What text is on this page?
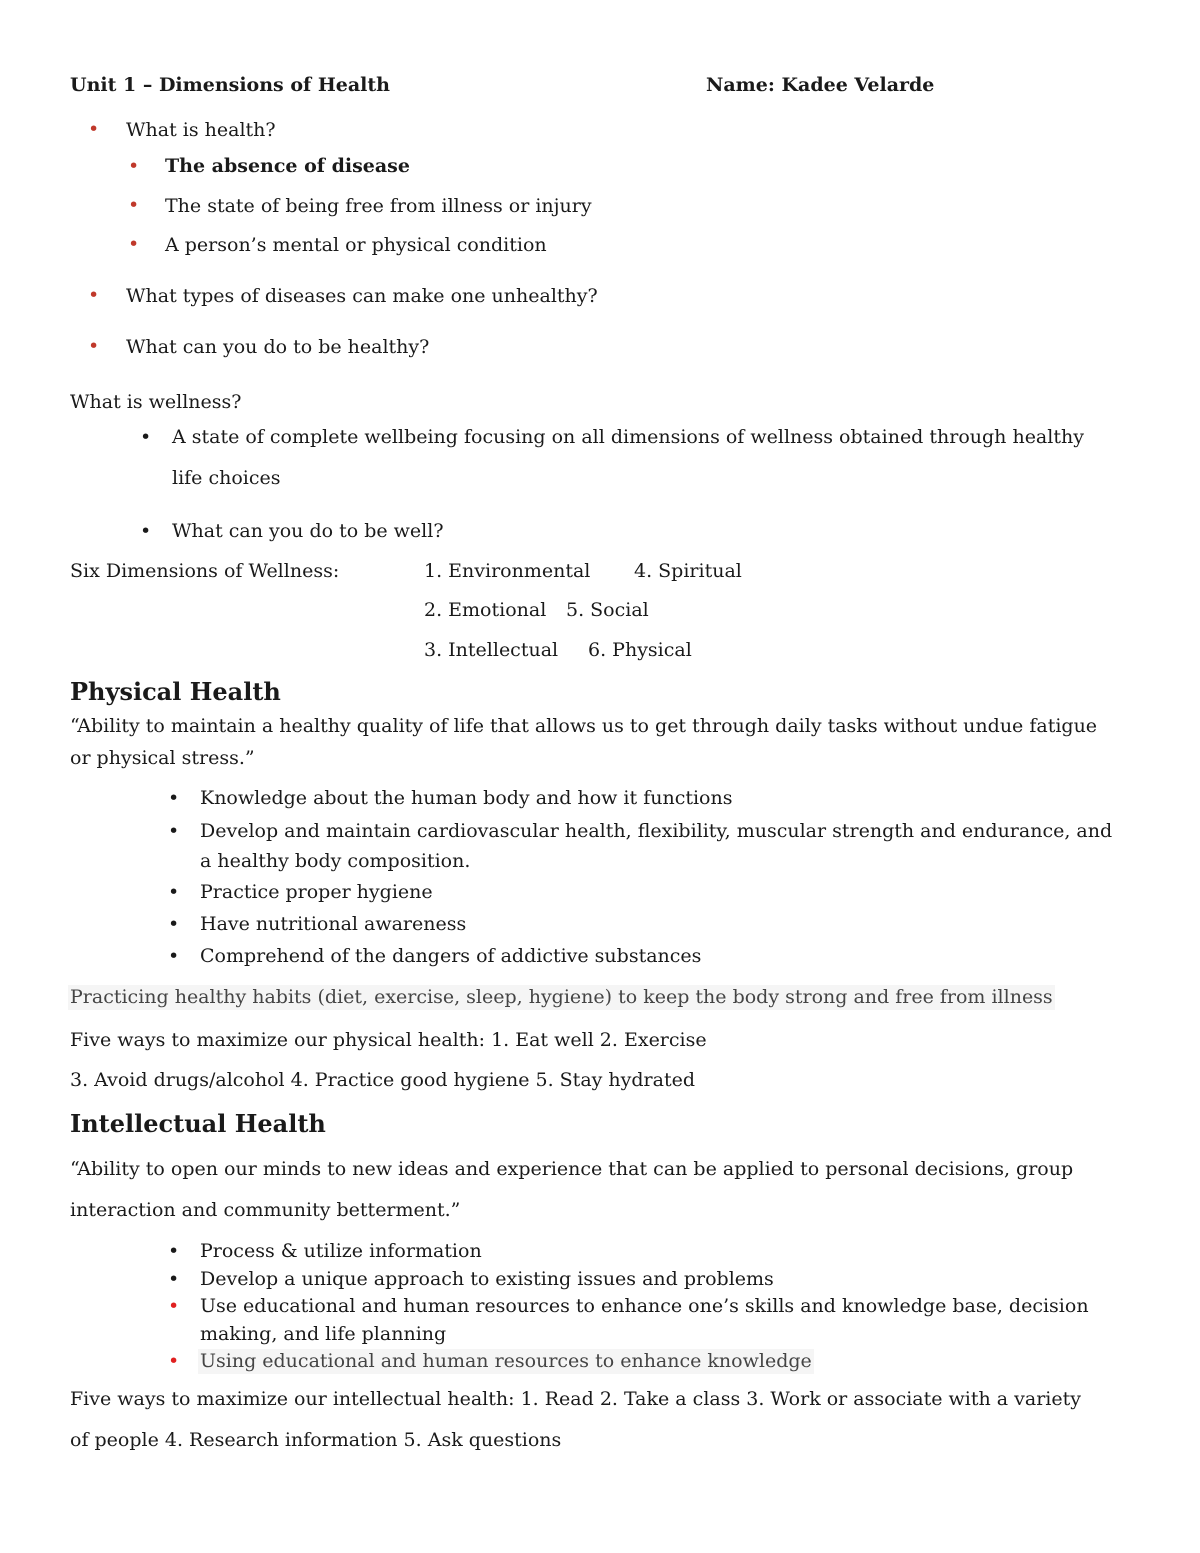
Unit 1 – Dimensions of Health	Name: Kadee Velarde
• What is health?
• The absence of disease
• The state of being free from illness or injury
• A person’s mental or physical condition
• What types of diseases can make one unhealthy?
• What can you do to be healthy?
What is wellness?
• A state of complete wellbeing focusing on all dimensions of wellness obtained through healthy
life choices
• What can you do to be well?
Six Dimensions of Wellness:	1. Environmental 4. Spiritual
2. Emotional 5. Social
3. Intellectual 6. Physical
Physical Health
“Ability to maintain a healthy quality of life that allows us to get through daily tasks without undue fatigue
or physical stress.”
• Knowledge about the human body and how it functions
• Develop and maintain cardiovascular health, flexibility, muscular strength and endurance, and
a healthy body composition.
• Practice proper hygiene
• Have nutritional awareness
• Comprehend of the dangers of addictive substances
Practicing healthy habits (diet, exercise, sleep, hygiene) to keep the body strong and free from illness
Five ways to maximize our physical health: 1. Eat well 2. Exercise
3. Avoid drugs/alcohol 4. Practice good hygiene 5. Stay hydrated
Intellectual Health
“Ability to open our minds to new ideas and experience that can be applied to personal decisions, group
interaction and community betterment.”
• Process & utilize information
• Develop a unique approach to existing issues and problems
• Use educational and human resources to enhance one’s skills and knowledge base, decision
making, and life planning
• Using educational and human resources to enhance knowledge
Five ways to maximize our intellectual health: 1. Read 2. Take a class 3. Work or associate with a variety
of people 4. Research information 5. Ask questions
